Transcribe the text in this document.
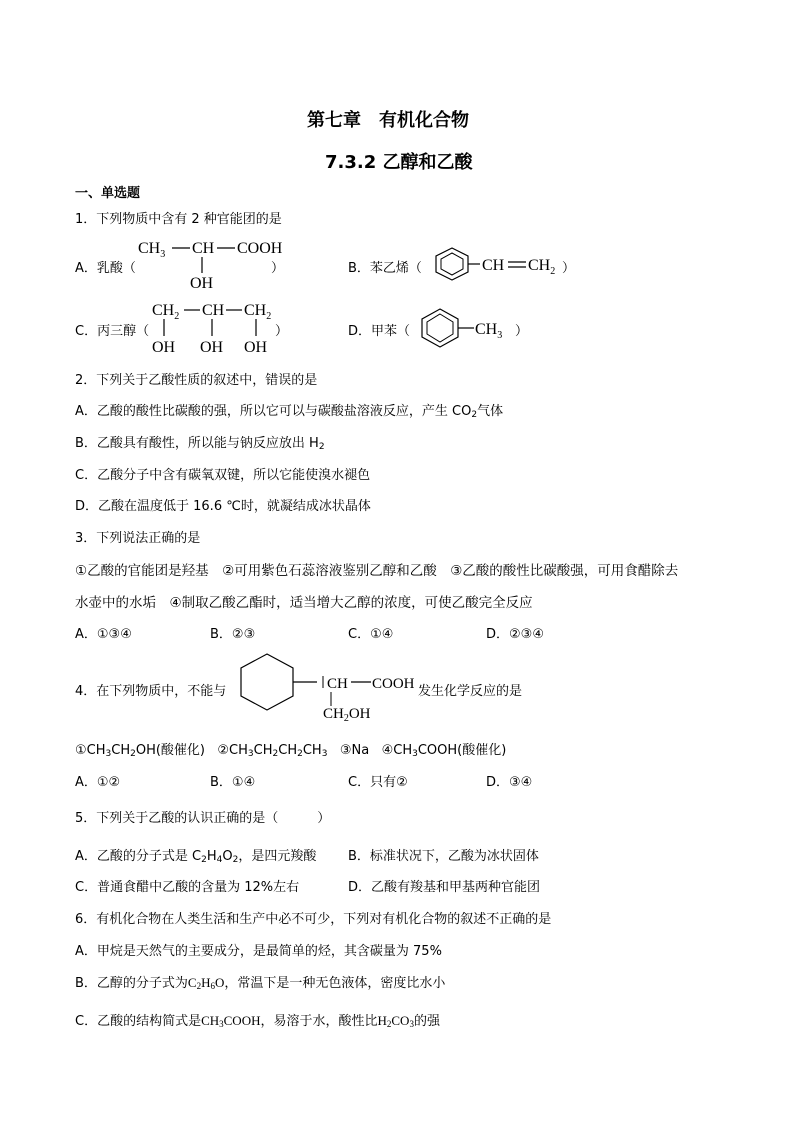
第七章　有机化合物
7.3.2 乙醇和乙酸
一、单选题
1．下列物质中含有 2 种官能团的是
A．乳酸（
$CH_3$ CH COOH
OH
）	B．苯乙烯（	CH $CH_2$ ）
C．丙三醇（
$CH_2$ CH $CH_2$
OH OH OH
）	D．甲苯（	$CH_3$ ）
2．下列关于乙酸性质的叙述中，错误的是
A．乙酸的酸性比碳酸的强，所以它可以与碳酸盐溶液反应，产生 $CO_2$气体
B．乙酸具有酸性，所以能与钠反应放出 $H_2$
C．乙酸分子中含有碳氧双键，所以它能使溴水褪色
D．乙酸在温度低于 16.6 ℃时，就凝结成冰状晶体
3．下列说法正确的是
①乙酸的官能团是羟基　②可用紫色石蕊溶液鉴别乙醇和乙酸　③乙酸的酸性比碳酸强，可用食醋除去
水壶中的水垢　④制取乙酸乙酯时，适当增大乙醇的浓度，可使乙酸完全反应
A．①③④	B．②③	C．①④	D．②③④
4．在下列物质中，不能与	CH COOH
$CH_2OH$
发生化学反应的是
$①CH_3CH_2OH$(酸催化) $②CH_3CH_2CH_2CH_3$ ③Na $④CH_3COOH$(酸催化)
A．①②	B．①④	C．只有②	D．③④
5．下列关于乙酸的认识正确的是（　　　）
A．乙酸的分子式是 $C_2H_4O_2$，是四元羧酸 B．标准状况下，乙酸为冰状固体
C．普通食醋中乙酸的含量为 12%左右	D．乙酸有羧基和甲基两种官能团
6．有机化合物在人类生活和生产中必不可少，下列对有机化合物的叙述不正确的是
A．甲烷是天然气的主要成分，是最简单的烃，其含碳量为 75%
B．乙醇的分子式为$C_2H_6O$，常温下是一种无色液体，密度比水小
C．乙酸的结构简式是$CH_3COOH$，易溶于水，酸性比$H_2CO_3$的强
